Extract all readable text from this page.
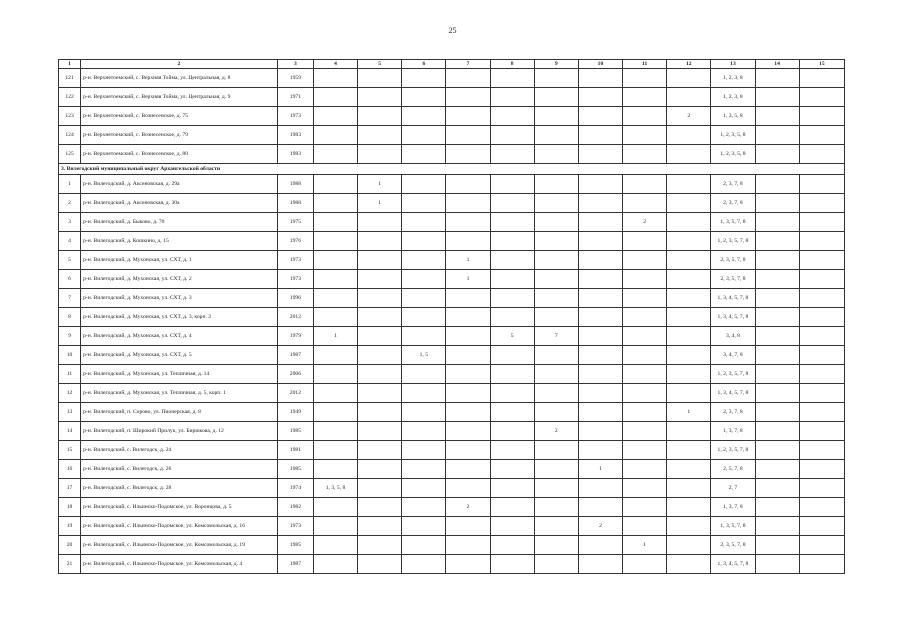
25
1	2	3	4	5	6	7	8	9	10	11	12	13	14	15
121	р-н. Верхнетоемский, с. Верхняя Тойма, ул. Центральная, д. 8	1959										1, 2, 3, 8		
122	р-н. Верхнетоемский, с. Верхняя Тойма, ул. Центральная, д. 9	1971										1, 2, 3, 8		
123	р-н. Верхнетоемский, с. Вознесенское, д. 75	1973									2	1, 3, 5, 8		
124	р-н. Верхнетоемский, с. Вознесенское, д. 79	1983										1, 2, 3, 5, 8		
125	р-н. Верхнетоемский, с. Вознесенское, д. 80	1983										1, 2, 3, 5, 8		
3. Вилегодский муниципальный округ Архангельской области														
1	р-н. Вилегодский, д. Аксеновская, д. 29а	1988		1								2, 3, 7, 8		
2	р-н. Вилегодский, д. Аксеновская, д. 30а	1988		1								2, 3, 7, 8		
3	р-н. Вилегодский, д. Быково, д. 70	1975								2		1, 3, 5, 7, 8		
4	р-н. Вилегодский, д. Кошкино, д. 15	1976										1, 2, 3, 5, 7, 8		
5	р-н. Вилегодский, д. Мухонская, ул. СХТ, д. 1	1973				1						2, 3, 5, 7, 8		
6	р-н. Вилегодский, д. Мухонская, ул. СХТ, д. 2	1973				1						2, 3, 5, 7, 8		
7	р-н. Вилегодский, д. Мухонская, ул. СХТ, д. 3	1996										1, 3, 4, 5, 7, 8		
8	р-н. Вилегодский, д. Мухонская, ул. СХТ, д. 3, корп. 2	2012										1, 3, 4, 5, 7, 8		
9	р-н. Вилегодский, д. Мухонская, ул. СХТ, д. 4	1979	1				5	7				3, 4, 8		
10	р-н. Вилегодский, д. Мухонская, ул. СХТ, д. 5	1987			1, 5							3, 4, 7, 8		
11	р-н. Вилегодский, д. Мухонская, ул. Тепличная, д. 14	2006										1, 2, 3, 5, 7, 8		
12	р-н. Вилегодский, д. Мухонская, ул. Тепличная, д. 5, корп. 1	2012										1, 3, 4, 5, 7, 8		
13	р-н. Вилегодский, п. Сорово, ул. Пионерская, д. 8	1949									1	2, 3, 7, 8		
14	р-н. Вилегодский, п. Широкий Прилук, ул. Бирюкова, д. 12	1985						2				1, 3, 7, 8		
15	р-н. Вилегодский, с. Вилегодск, д. 24	1981										1, 2, 3, 5, 7, 8		
16	р-н. Вилегодский, с. Вилегодск, д. 26	1985							1			2, 5, 7, 8		
17	р-н. Вилегодский, с. Вилегодск, д. 28	1974	1, 3, 5, 8									2, 7		
18	р-н. Вилегодский, с. Ильинско-Подомское, ул. Воронцова, д. 5	1982				2						1, 3, 7, 8		
19	р-н. Вилегодский, с. Ильинско-Подомское, ул. Комсомольская, д. 16	1973							2			1, 3, 5, 7, 8		
20	р-н. Вилегодский, с. Ильинско-Подомское, ул. Комсомольская, д. 19	1985								1		2, 3, 5, 7, 8		
21	р-н. Вилегодский, с. Ильинско-Подомское, ул. Комсомольская, д. 4	1987										1, 3, 4, 5, 7, 8		
